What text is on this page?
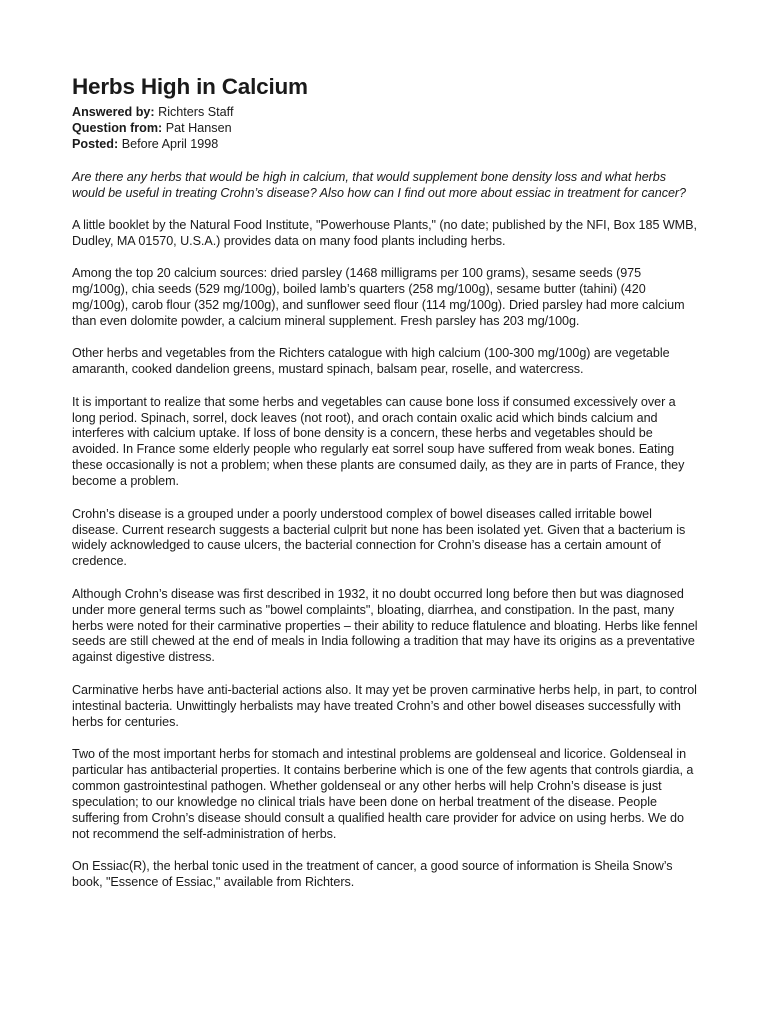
Herbs High in Calcium
Answered by: Richters Staff
Question from: Pat Hansen
Posted: Before April 1998

Are there any herbs that would be high in calcium, that would supplement bone density loss and what herbs would be useful in treating Crohn’s disease? Also how can I find out more about essiac in treatment for cancer?

A little booklet by the Natural Food Institute, "Powerhouse Plants," (no date; published by the NFI, Box 185 WMB, Dudley, MA 01570, U.S.A.) provides data on many food plants including herbs.

Among the top 20 calcium sources: dried parsley (1468 milligrams per 100 grams), sesame seeds (975 mg/100g), chia seeds (529 mg/100g), boiled lamb’s quarters (258 mg/100g), sesame butter (tahini) (420 mg/100g), carob flour (352 mg/100g), and sunflower seed flour (114 mg/100g). Dried parsley had more calcium than even dolomite powder, a calcium mineral supplement. Fresh parsley has 203 mg/100g.

Other herbs and vegetables from the Richters catalogue with high calcium (100-300 mg/100g) are vegetable amaranth, cooked dandelion greens, mustard spinach, balsam pear, roselle, and watercress.

It is important to realize that some herbs and vegetables can cause bone loss if consumed excessively over a long period. Spinach, sorrel, dock leaves (not root), and orach contain oxalic acid which binds calcium and interferes with calcium uptake. If loss of bone density is a concern, these herbs and vegetables should be avoided. In France some elderly people who regularly eat sorrel soup have suffered from weak bones. Eating these occasionally is not a problem; when these plants are consumed daily, as they are in parts of France, they become a problem.

Crohn’s disease is a grouped under a poorly understood complex of bowel diseases called irritable bowel disease. Current research suggests a bacterial culprit but none has been isolated yet. Given that a bacterium is widely acknowledged to cause ulcers, the bacterial connection for Crohn’s disease has a certain amount of credence.

Although Crohn’s disease was first described in 1932, it no doubt occurred long before then but was diagnosed under more general terms such as "bowel complaints", bloating, diarrhea, and constipation. In the past, many herbs were noted for their carminative properties – their ability to reduce flatulence and bloating. Herbs like fennel seeds are still chewed at the end of meals in India following a tradition that may have its origins as a preventative against digestive distress.

Carminative herbs have anti-bacterial actions also. It may yet be proven carminative herbs help, in part, to control intestinal bacteria. Unwittingly herbalists may have treated Crohn’s and other bowel diseases successfully with herbs for centuries.

Two of the most important herbs for stomach and intestinal problems are goldenseal and licorice. Goldenseal in particular has antibacterial properties. It contains berberine which is one of the few agents that controls giardia, a common gastrointestinal pathogen. Whether goldenseal or any other herbs will help Crohn’s disease is just speculation; to our knowledge no clinical trials have been done on herbal treatment of the disease. People suffering from Crohn’s disease should consult a qualified health care provider for advice on using herbs. We do not recommend the self-administration of herbs.

On Essiac(R), the herbal tonic used in the treatment of cancer, a good source of information is Sheila Snow’s book, "Essence of Essiac," available from Richters.
